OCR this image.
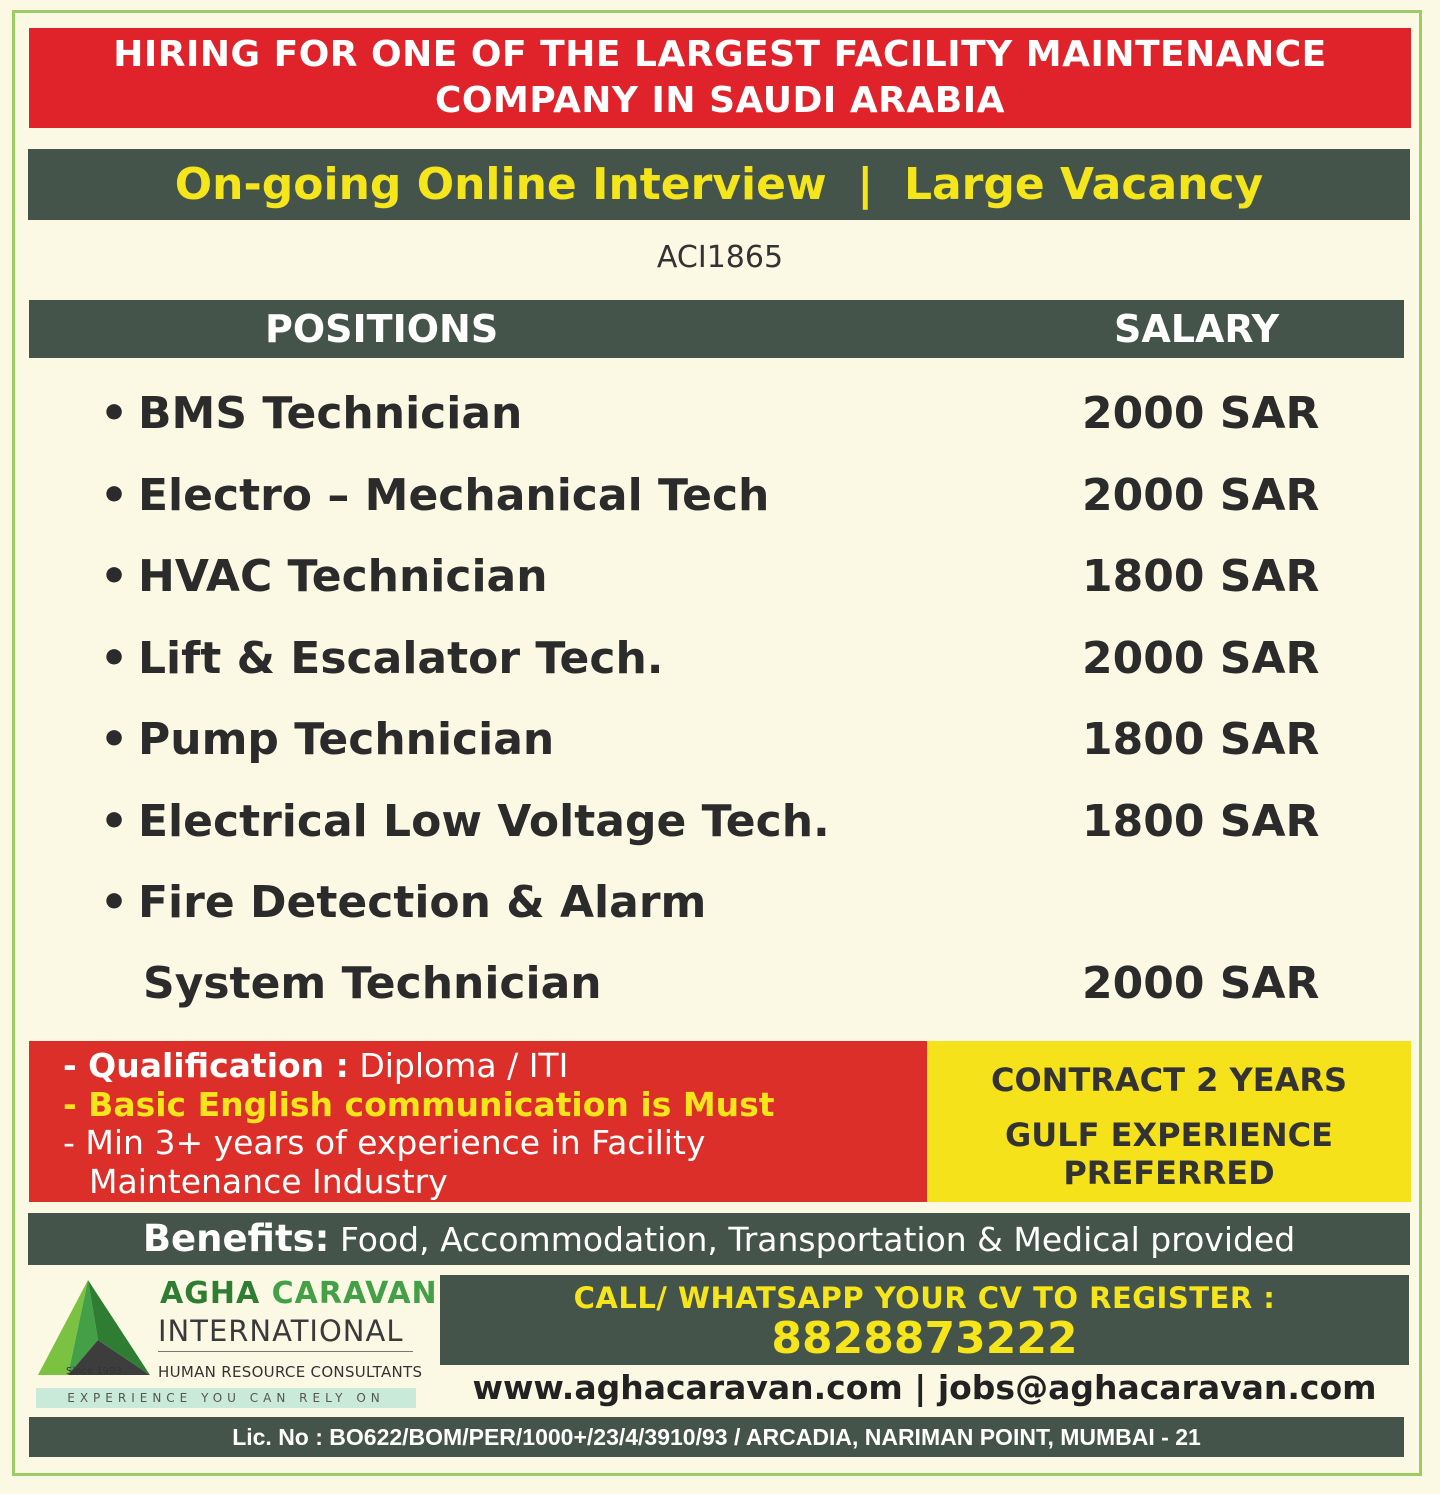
HIRING FOR ONE OF THE LARGEST FACILITY MAINTENANCE
COMPANY IN SAUDI ARABIA
On-going Online Interview  |  Large Vacancy
ACI1865
POSITIONS	SALARY
• BMS Technician	2000 SAR
• Electro – Mechanical Tech	2000 SAR
• HVAC Technician	1800 SAR
• Lift & Escalator Tech.	2000 SAR
• Pump Technician	1800 SAR
• Electrical Low Voltage Tech.	1800 SAR
• Fire Detection & Alarm
System Technician	2000 SAR
- Qualification : Diploma / ITI
- Basic English communication is Must
- Min 3+ years of experience in Facility
Maintenance Industry
CONTRACT 2 YEARS
GULF EXPERIENCE
PREFERRED
Benefits: Food, Accommodation, Transportation & Medical provided
AGHA CARAVAN
INTERNATIONAL
Since 1993 HUMAN RESOURCE CONSULTANTS
EXPERIENCE YOU CAN RELY ON
CALL/ WHATSAPP YOUR CV TO REGISTER :
8828873222
www.aghacaravan.com | jobs@aghacaravan.com
Lic. No : BO622/BOM/PER/1000+/23/4/3910/93 / ARCADIA, NARIMAN POINT, MUMBAI - 21
